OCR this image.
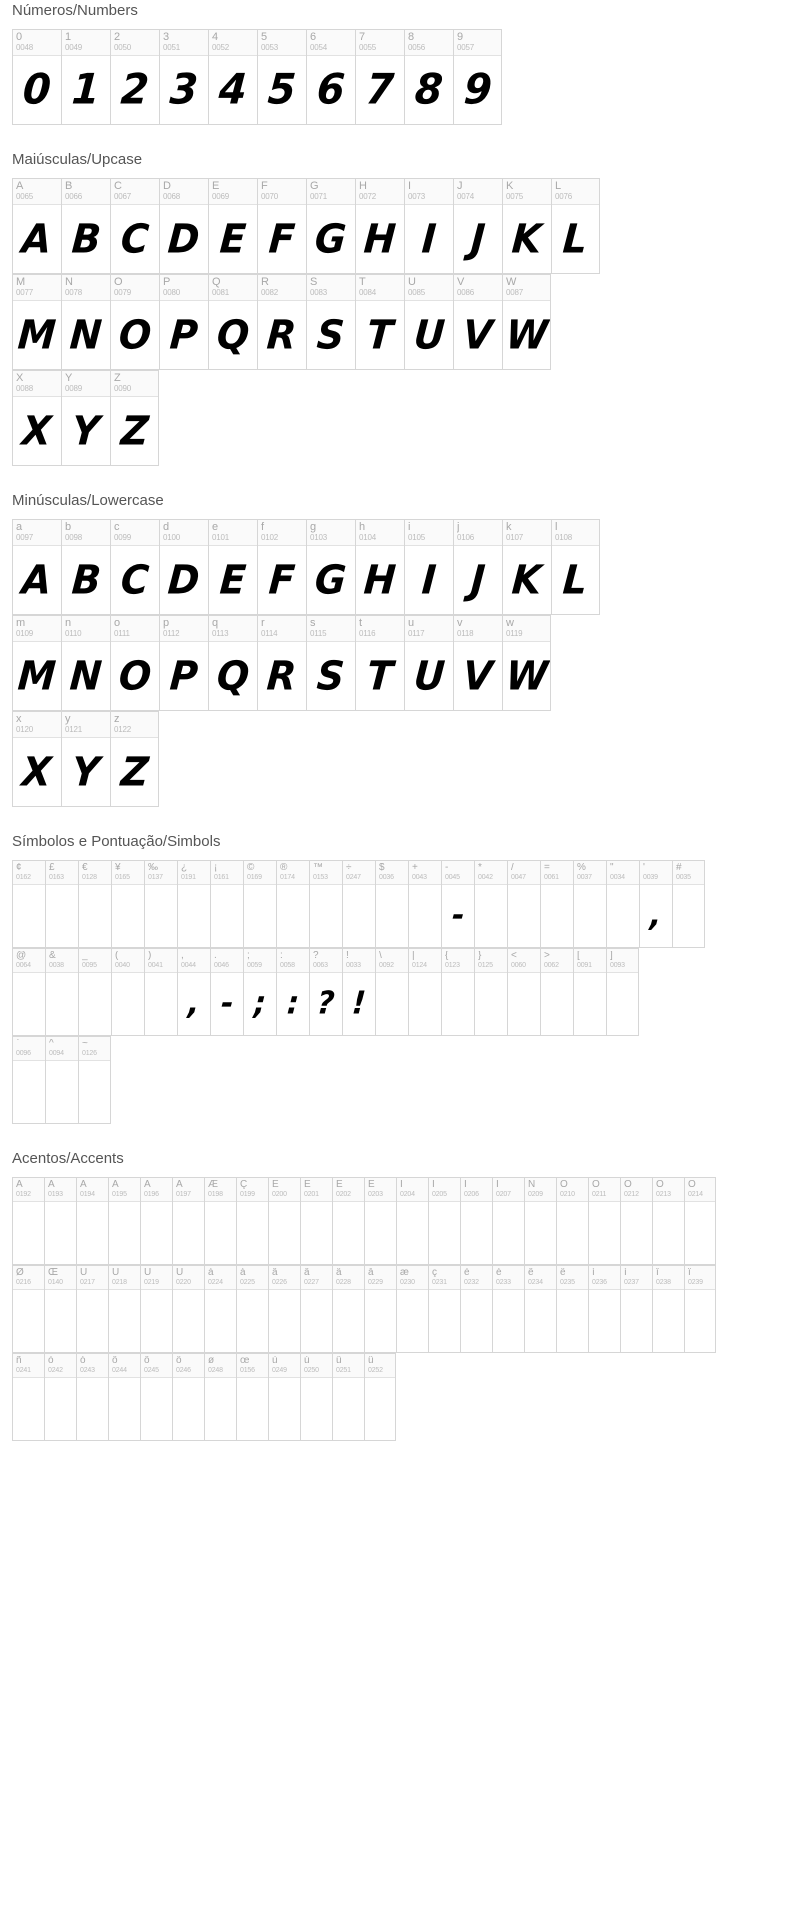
Números/Numbers
0
0048
0
1
0049
1
2
0050
2
3
0051
3
4
0052
4
5
0053
5
6
0054
6
7
0055
7
8
0056
8
9
0057
9
Maiúsculas/Upcase
A
0065
A
B
0066
B
C
0067
C
D
0068
D
E
0069
E
F
0070
F
G
0071
G
H
0072
H
I
0073
I
J
0074
J
K
0075
K
L
0076
L
M
0077
M
N
0078
N
O
0079
O
P
0080
P
Q
0081
Q
R
0082
R
S
0083
S
T
0084
T
U
0085
U
V
0086
V
W
0087
W
X
0088
X
Y
0089
Y
Z
0090
Z
Minúsculas/Lowercase
a
0097
A
b
0098
B
c
0099
C
d
0100
D
e
0101
E
f
0102
F
g
0103
G
h
0104
H
i
0105
I
j
0106
J
k
0107
K
l
0108
L
m
0109
M
n
0110
N
o
0111
O
p
0112
P
q
0113
Q
r
0114
R
s
0115
S
t
0116
T
u
0117
U
v
0118
V
w
0119
W
x
0120
X
y
0121
Y
z
0122
Z
Símbolos e Pontuação/Simbols
¢
0162
£
0163
€
0128
¥
0165
‰
0137
¿
0191
¡
0161
©
0169
®
0174
™
0153
÷
0247
$
0036
+
0043
-
0045
-
*
0042
/
0047
=
0061
%
0037
"
0034
'
0039
,
#
0035
@
0064
&
0038
_
0095
(
0040
)
0041
,
0044
,
.
0046
-
;
0059
;
:
0058
:
?
0063
?
!
0033
!
\
0092
|
0124
{
0123
}
0125
<
0060
>
0062
[
0091
]
0093
`
0096
^
0094
~
0126
Acentos/Accents
À
0192
Á
0193
Â
0194
Ã
0195
Ä
0196
Å
0197
Æ
0198
Ç
0199
È
0200
É
0201
Ê
0202
Ë
0203
Ì
0204
Í
0205
Î
0206
Ï
0207
Ñ
0209
Ò
0210
Ó
0211
Ô
0212
Õ
0213
Ö
0214
Ø
0216
Œ
0140
Ù
0217
Ú
0218
Û
0219
Ü
0220
à
0224
á
0225
â
0226
ã
0227
ä
0228
å
0229
æ
0230
ç
0231
è
0232
é
0233
ê
0234
ë
0235
ì
0236
í
0237
î
0238
ï
0239
ñ
0241
ò
0242
ó
0243
ô
0244
õ
0245
ö
0246
ø
0248
œ
0156
ù
0249
ú
0250
û
0251
ü
0252
